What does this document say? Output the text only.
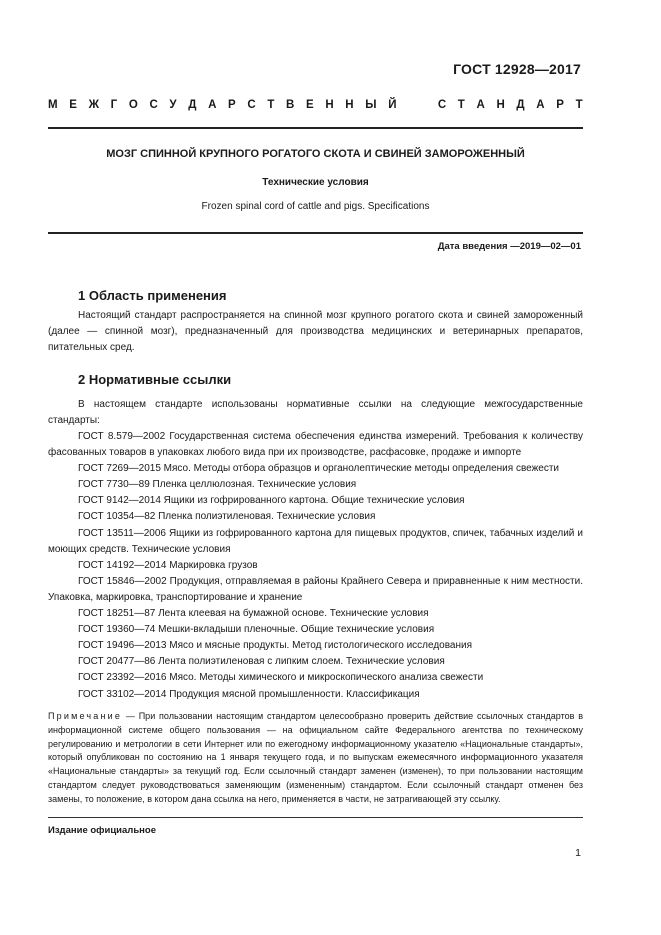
ГОСТ 12928—2017
М Е Ж Г О С У Д А Р С Т В Е Н Н Ы Й

	С Т А Н Д А Р Т
МОЗГ СПИННОЙ КРУПНОГО РОГАТОГО СКОТА И СВИНЕЙ ЗАМОРОЖЕННЫЙ
Технические условия
Frozen spinal cord of cattle and pigs. Specifications
Дата введения —2019—02—01
1 Область применения

Настоящий стандарт распространяется на спинной мозг крупного рогатого скота и свиней замороженный (далее — спинной мозг), предназначенный для производства медицинских и ветеринарных препаратов, питательных сред.

2 Нормативные ссылки

В настоящем стандарте использованы нормативные ссылки на следующие межгосударственные стандарты:

ГОСТ 8.579—2002 Государственная система обеспечения единства измерений. Требования к количеству фасованных товаров в упаковках любого вида при их производстве, расфасовке, продаже и импорте
ГОСТ 7269—2015 Мясо. Методы отбора образцов и органолептические методы определения свежести
ГОСТ 7730—89 Пленка целлюлозная. Технические условия
ГОСТ 9142—2014 Ящики из гофрированного картона. Общие технические условия
ГОСТ 10354—82 Пленка полиэтиленовая. Технические условия
ГОСТ 13511—2006 Ящики из гофрированного картона для пищевых продуктов, спичек, табачных изделий и моющих средств. Технические условия
ГОСТ 14192—2014 Маркировка грузов
ГОСТ 15846—2002 Продукция, отправляемая в районы Крайнего Севера и приравненные к ним местности. Упаковка, маркировка, транспортирование и хранение
ГОСТ 18251—87 Лента клеевая на бумажной основе. Технические условия
ГОСТ 19360—74 Мешки-вкладыши пленочные. Общие технические условия
ГОСТ 19496—2013 Мясо и мясные продукты. Метод гистологического исследования
ГОСТ 20477—86 Лента полиэтиленовая с липким слоем. Технические условия
ГОСТ 23392—2016 Мясо. Методы химического и микроскопического анализа свежести
ГОСТ 33102—2014 Продукция мясной промышленности. Классификация
Примечание — При пользовании настоящим стандартом целесообразно проверить действие ссылочных стандартов в информационной системе общего пользования — на официальном сайте Федерального агентства по техническому регулированию и метрологии в сети Интернет или по ежегодному информационному указателю «Национальные стандарты», который опубликован по состоянию на 1 января текущего года, и по выпускам ежемесячного информационного указателя «Национальные стандарты» за текущий год. Если ссылочный стандарт заменен (изменен), то при пользовании настоящим стандартом следует руководствоваться заменяющим (измененным) стандартом. Если ссылочный стандарт отменен без замены, то положение, в котором дана ссылка на него, применяется в части, не затрагивающей эту ссылку.
Издание официальное
1
